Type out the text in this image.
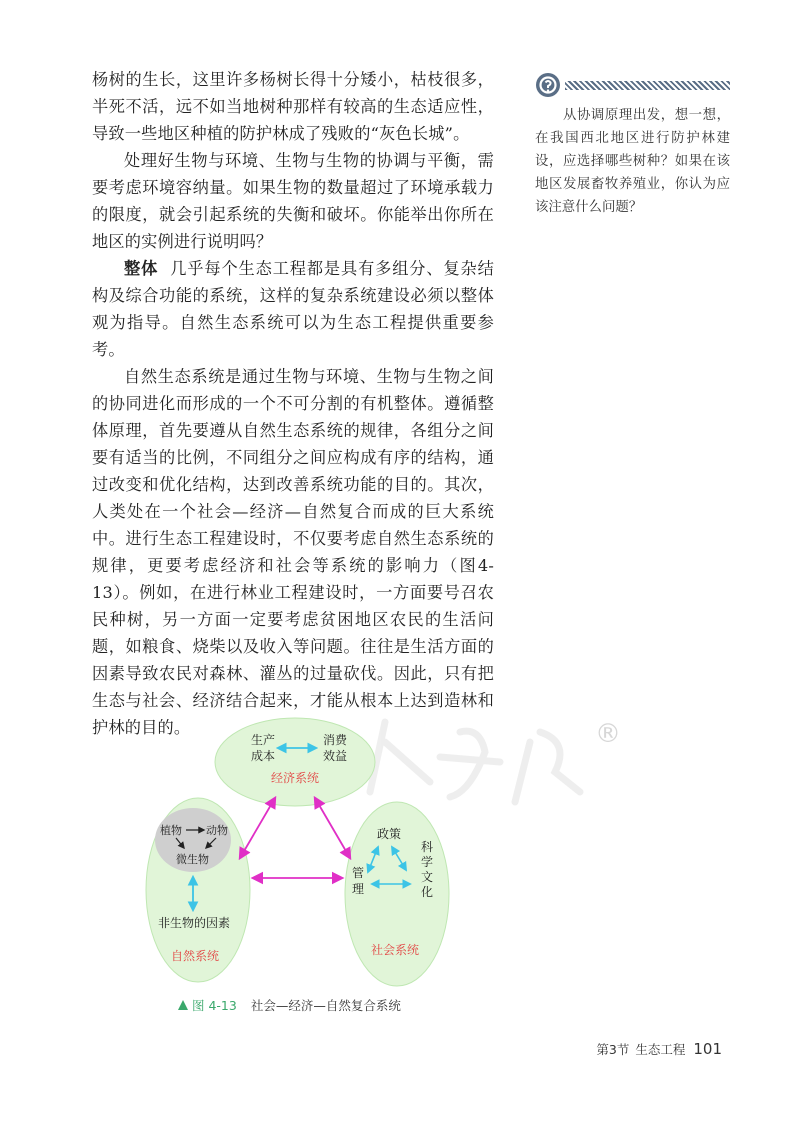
杨树的生长，这里许多杨树长得十分矮小，枯枝很多，半死不活，远不如当地树种那样有较高的生态适应性，导致一些地区种植的防护林成了残败的“灰色长城”。

处理好生物与环境、生物与生物的协调与平衡，需要考虑环境容纳量。如果生物的数量超过了环境承载力的限度，就会引起系统的失衡和破坏。你能举出你所在地区的实例进行说明吗？

整体 几乎每个生态工程都是具有多组分、复杂结构及综合功能的系统，这样的复杂系统建设必须以整体观为指导。自然生态系统可以为生态工程提供重要参考。

自然生态系统是通过生物与环境、生物与生物之间的协同进化而形成的一个不可分割的有机整体。遵循整体原理，首先要遵从自然生态系统的规律，各组分之间要有适当的比例，不同组分之间应构成有序的结构，通过改变和优化结构，达到改善系统功能的目的。其次，人类处在一个社会—经济—自然复合而成的巨大系统中。进行生态工程建设时，不仅要考虑自然生态系统的规律，更要考虑经济和社会等系统的影响力（图4-13）。例如，在进行林业工程建设时，一方面要号召农民种树，另一方面一定要考虑贫困地区农民的生活问题，如粮食、烧柴以及收入等问题。往往是生活方面的因素导致农民对森林、灌丛的过量砍伐。因此，只有把生态与社会、经济结合起来，才能从根本上达到造林和护林的目的。

从协调原理出发，想一想，在我国西北地区进行防护林建设，应选择哪些树种？如果在该地区发展畜牧养殖业，你认为应该注意什么问题？

®
生产
成本
消费
效益
经济系统
植物 动物
微生物
非生物的因素
自然系统
政策
管
理
科
学
文
化
社会系统
图 4-13 社会—经济—自然复合系统
第3节 生态工程 101
